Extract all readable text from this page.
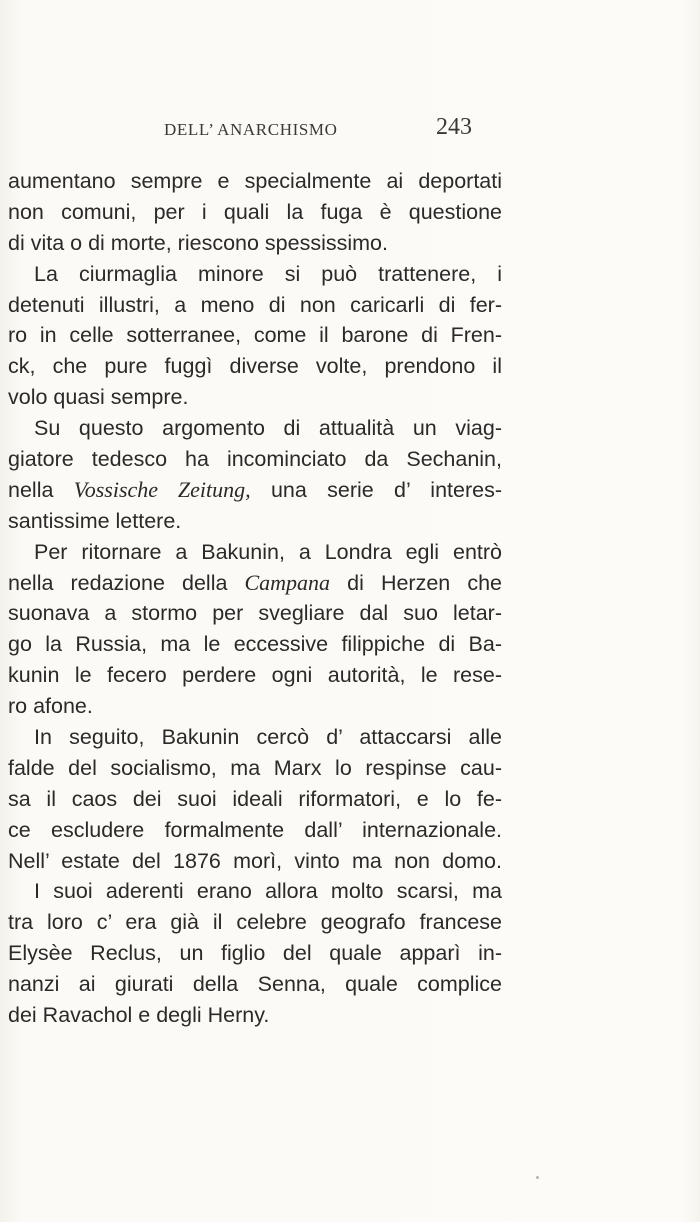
DELL’ ANARCHISMO	243
aumentano sempre e specialmente ai deportati
non comuni, per i quali la fuga è questione
di vita o di morte, riescono spessissimo.
La ciurmaglia minore si può trattenere, i
detenuti illustri, a meno di non caricarli di fer-
ro in celle sotterranee, come il barone di Fren-
ck, che pure fuggì diverse volte, prendono il
volo quasi sempre.
Su questo argomento di attualità un viag-
giatore tedesco ha incominciato da Sechanin,
nella Vossische Zeitung, una serie d’ interes-
santissime lettere.
Per ritornare a Bakunin, a Londra egli entrò
nella redazione della Campana di Herzen che
suonava a stormo per svegliare dal suo letar-
go la Russia, ma le eccessive filippiche di Ba-
kunin le fecero perdere ogni autorità, le rese-
ro afone.
In seguito, Bakunin cercò d’ attaccarsi alle
falde del socialismo, ma Marx lo respinse cau-
sa il caos dei suoi ideali riformatori, e lo fe-
ce escludere formalmente dall’ internazionale.
Nell’ estate del 1876 morì, vinto ma non domo.
I suoi aderenti erano allora molto scarsi, ma
tra loro c’ era già il celebre geografo francese
Elysèe Reclus, un figlio del quale apparì in-
nanzi ai giurati della Senna, quale complice
dei Ravachol e degli Herny.
